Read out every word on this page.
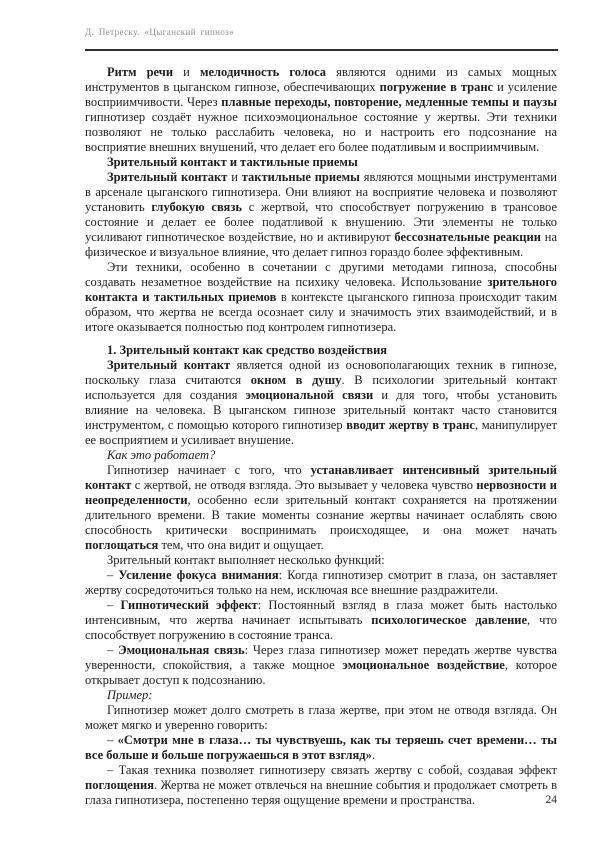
Д. Петреску. «Цыганский гипноз»

Ритм речи и мелодичность голоса являются одними из самых мощных инструментов в цыганском гипнозе, обеспечивающих погружение в транс и усиление восприимчивости. Через плавные переходы, повторение, медленные темпы и паузы гипнотизер создаёт нужное психоэмоциональное состояние у жертвы. Эти техники позволяют не только расслабить человека, но и настроить его подсознание на восприятие внешних внушений, что делает его более податливым и восприимчивым.

Зрительный контакт и тактильные приемы

Зрительный контакт и тактильные приемы являются мощными инструментами в арсенале цыганского гипнотизера. Они влияют на восприятие человека и позволяют установить глубокую связь с жертвой, что способствует погружению в трансовое состояние и делает ее более податливой к внушению. Эти элементы не только усиливают гипнотическое воздействие, но и активируют бессознательные реакции на физическое и визуальное влияние, что делает гипноз гораздо более эффективным.

Эти техники, особенно в сочетании с другими методами гипноза, способны создавать незаметное воздействие на психику человека. Использование зрительного контакта и тактильных приемов в контексте цыганского гипноза происходит таким образом, что жертва не всегда осознает силу и значимость этих взаимодействий, и в итоге оказывается полностью под контролем гипнотизера.

1. Зрительный контакт как средство воздействия

Зрительный контакт является одной из основополагающих техник в гипнозе, поскольку глаза считаются окном в душу. В психологии зрительный контакт используется для создания эмоциональной связи и для того, чтобы установить влияние на человека. В цыганском гипнозе зрительный контакт часто становится инструментом, с помощью которого гипнотизер вводит жертву в транс, манипулирует ее восприятием и усиливает внушение.

Как это работает?

Гипнотизер начинает с того, что устанавливает интенсивный зрительный контакт с жертвой, не отводя взгляда. Это вызывает у человека чувство нервозности и неопределенности, особенно если зрительный контакт сохраняется на протяжении длительного времени. В такие моменты сознание жертвы начинает ослаблять свою способность критически воспринимать происходящее, и она может начать поглощаться тем, что она видит и ощущает.

Зрительный контакт выполняет несколько функций:

– Усиление фокуса внимания: Когда гипнотизер смотрит в глаза, он заставляет жертву сосредоточиться только на нем, исключая все внешние раздражители.

– Гипнотический эффект: Постоянный взгляд в глаза может быть настолько интенсивным, что жертва начинает испытывать психологическое давление, что способствует погружению в состояние транса.

– Эмоциональная связь: Через глаза гипнотизер может передать жертве чувства уверенности, спокойствия, а также мощное эмоциональное воздействие, которое открывает доступ к подсознанию.

Пример:

Гипнотизер может долго смотреть в глаза жертве, при этом не отводя взгляда. Он может мягко и уверенно говорить:

– «Смотри мне в глаза… ты чувствуешь, как ты теряешь счет времени… ты все больше и больше погружаешься в этот взгляд».

– Такая техника позволяет гипнотизеру связать жертву с собой, создавая эффект поглощения. Жертва не может отвлечься на внешние события и продолжает смотреть в глаза гипнотизера, постепенно теряя ощущение времени и пространства.	24
